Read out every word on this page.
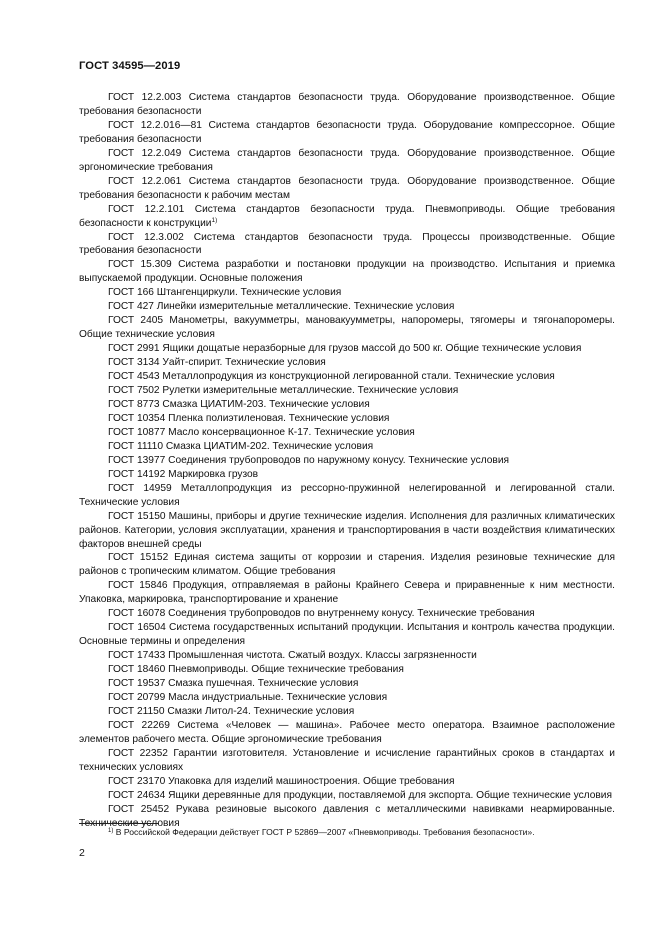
ГОСТ 34595—2019

ГОСТ 12.2.003 Система стандартов безопасности труда. Оборудование производственное. Общие требования безопасности

ГОСТ 12.2.016—81 Система стандартов безопасности труда. Оборудование компрессорное. Общие требования безопасности

ГОСТ 12.2.049 Система стандартов безопасности труда. Оборудование производственное. Общие эргономические требования

ГОСТ 12.2.061 Система стандартов безопасности труда. Оборудование производственное. Общие требования безопасности к рабочим местам

ГОСТ 12.2.101 Система стандартов безопасности труда. Пневмоприводы. Общие требования безопасности к конструкции$^{1)}$

ГОСТ 12.3.002 Система стандартов безопасности труда. Процессы производственные. Общие требования безопасности

ГОСТ 15.309 Система разработки и постановки продукции на производство. Испытания и приемка выпускаемой продукции. Основные положения

ГОСТ 166 Штангенциркули. Технические условия

ГОСТ 427 Линейки измерительные металлические. Технические условия

ГОСТ 2405 Манометры, вакуумметры, мановакуумметры, напоромеры, тягомеры и тягонапоромеры. Общие технические условия

ГОСТ 2991 Ящики дощатые неразборные для грузов массой до 500 кг. Общие технические условия

ГОСТ 3134 Уайт-спирит. Технические условия

ГОСТ 4543 Металлопродукция из конструкционной легированной стали. Технические условия

ГОСТ 7502 Рулетки измерительные металлические. Технические условия

ГОСТ 8773 Смазка ЦИАТИМ-203. Технические условия

ГОСТ 10354 Пленка полиэтиленовая. Технические условия

ГОСТ 10877 Масло консервационное К-17. Технические условия

ГОСТ 11110 Смазка ЦИАТИМ-202. Технические условия

ГОСТ 13977 Соединения трубопроводов по наружному конусу. Технические условия

ГОСТ 14192 Маркировка грузов

ГОСТ 14959 Металлопродукция из рессорно-пружинной нелегированной и легированной стали. Технические условия

ГОСТ 15150 Машины, приборы и другие технические изделия. Исполнения для различных климатических районов. Категории, условия эксплуатации, хранения и транспортирования в части воздействия климатических факторов внешней среды

ГОСТ 15152 Единая система защиты от коррозии и старения. Изделия резиновые технические для районов с тропическим климатом. Общие требования

ГОСТ 15846 Продукция, отправляемая в районы Крайнего Севера и приравненные к ним местности. Упаковка, маркировка, транспортирование и хранение

ГОСТ 16078 Соединения трубопроводов по внутреннему конусу. Технические требования

ГОСТ 16504 Система государственных испытаний продукции. Испытания и контроль качества продукции. Основные термины и определения

ГОСТ 17433 Промышленная чистота. Сжатый воздух. Классы загрязненности

ГОСТ 18460 Пневмоприводы. Общие технические требования

ГОСТ 19537 Смазка пушечная. Технические условия

ГОСТ 20799 Масла индустриальные. Технические условия

ГОСТ 21150 Смазки Литол-24. Технические условия

ГОСТ 22269 Система «Человек — машина». Рабочее место оператора. Взаимное расположение элементов рабочего места. Общие эргономические требования

ГОСТ 22352 Гарантии изготовителя. Установление и исчисление гарантийных сроков в стандартах и технических условиях

ГОСТ 23170 Упаковка для изделий машиностроения. Общие требования

ГОСТ 24634 Ящики деревянные для продукции, поставляемой для экспорта. Общие технические условия

ГОСТ 25452 Рукава резиновые высокого давления с металлическими навивками неармированные. Технические условия

$^{1)}$ В Российской Федерации действует ГОСТ Р 52869—2007 «Пневмоприводы. Требования безопасности».
2
